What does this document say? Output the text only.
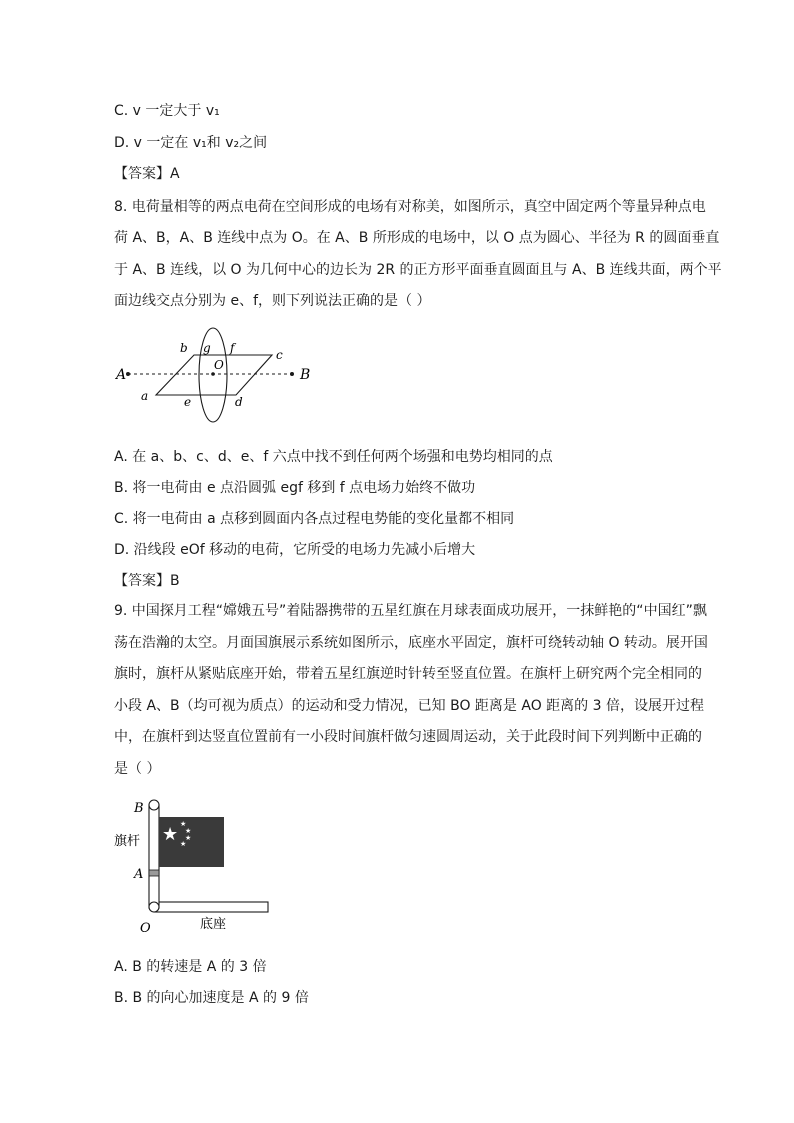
C. v 一定大于 v₁
D. v 一定在 v₁和 v₂之间
【答案】A
8. 电荷量相等的两点电荷在空间形成的电场有对称美，如图所示，真空中固定两个等量异种点电
荷 A、B，A、B 连线中点为 O。在 A、B 所形成的电场中，以 O 点为圆心、半径为 R 的圆面垂直
于 A、B 连线，以 O 为几何中心的边长为 2R 的正方形平面垂直圆面且与 A、B 连线共面，两个平
面边线交点分别为 e、f，则下列说法正确的是（ ）
A	B
O
a
b	c
d
e
f
g
A. 在 a、b、c、d、e、f 六点中找不到任何两个场强和电势均相同的点
B. 将一电荷由 e 点沿圆弧 egf 移到 f 点电场力始终不做功
C. 将一电荷由 a 点移到圆面内各点过程电势能的变化量都不相同
D. 沿线段 eOf 移动的电荷，它所受的电场力先减小后增大
【答案】B
9. 中国探月工程“嫦娥五号”着陆器携带的五星红旗在月球表面成功展开，一抹鲜艳的“中国红”飘
荡在浩瀚的太空。月面国旗展示系统如图所示，底座水平固定，旗杆可绕转动轴 O 转动。展开国
旗时，旗杆从紧贴底座开始，带着五星红旗逆时针转至竖直位置。在旗杆上研究两个完全相同的
小段 A、B（均可视为质点）的运动和受力情况，已知 BO 距离是 AO 距离的 3 倍，设展开过程
中，在旗杆到达竖直位置前有一小段时间旗杆做匀速圆周运动，关于此段时间下列判断中正确的
是（ ）
★ ★
★
★
★
B
A
O
旗杆
底座
A. B 的转速是 A 的 3 倍
B. B 的向心加速度是 A 的 9 倍
